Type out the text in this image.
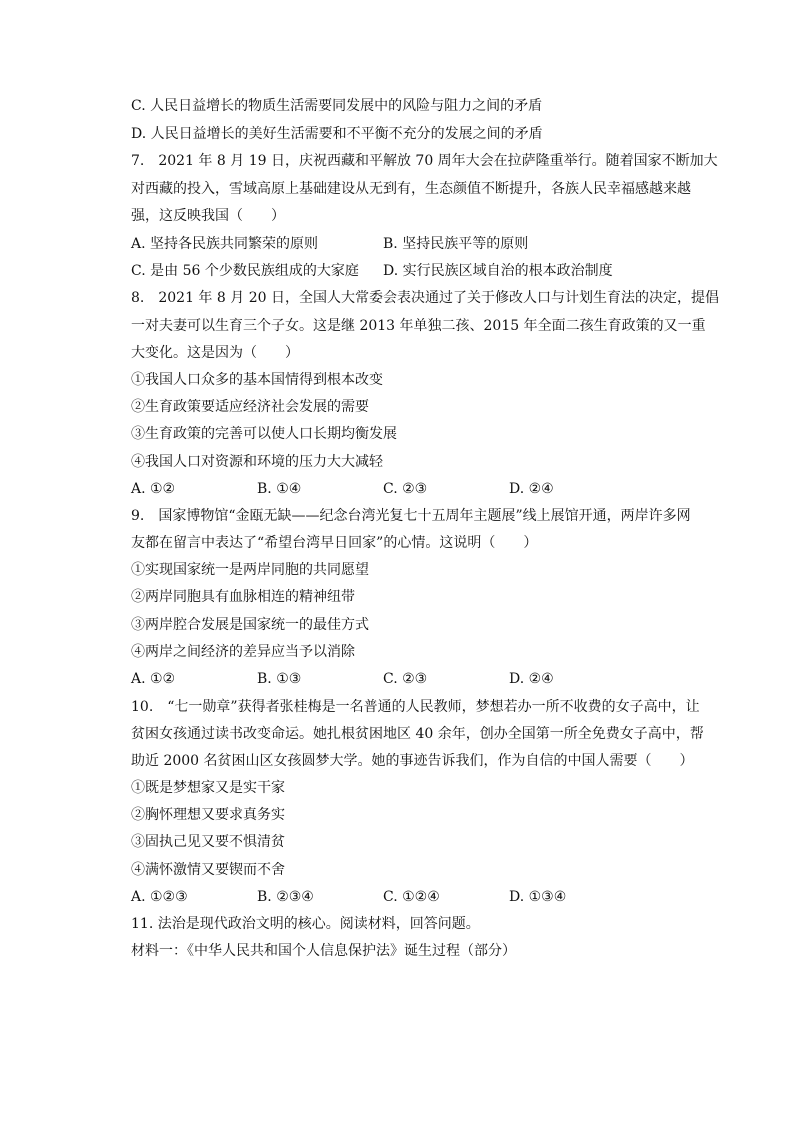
C. 人民日益增长的物质生活需要同发展中的风险与阻力之间的矛盾
D. 人民日益增长的美好生活需要和不平衡不充分的发展之间的矛盾
7.　2021 年 8 月 19 日，庆祝西藏和平解放 70 周年大会在拉萨隆重举行。随着国家不断加大
对西藏的投入，雪域高原上基础建设从无到有，生态颜值不断提升，各族人民幸福感越来越
强，这反映我国（　　）
A. 坚持各民族共同繁荣的原则	B. 坚持民族平等的原则
C. 是由 56 个少数民族组成的大家庭 D. 实行民族区域自治的根本政治制度
8.　2021 年 8 月 20 日，全国人大常委会表决通过了关于修改人口与计划生育法的决定，提倡
一对夫妻可以生育三个子女。这是继 2013 年单独二孩、2015 年全面二孩生育政策的又一重
大变化。这是因为（　　）
①我国人口众多的基本国情得到根本改变
②生育政策要适应经济社会发展的需要
③生育政策的完善可以使人口长期均衡发展
④我国人口对资源和环境的压力大大减轻
A. ①②	B. ①④	C. ②③	D. ②④
9.　国家博物馆“金瓯无缺——纪念台湾光复七十五周年主题展”线上展馆开通，两岸许多网
友都在留言中表达了“希望台湾早日回家”的心情。这说明（　　）
①实现国家统一是两岸同胞的共同愿望
②两岸同胞具有血脉相连的精神纽带
③两岸腔合发展是国家统一的最佳方式
④两岸之间经济的差异应当予以消除
A. ①②	B. ①③	C. ②③	D. ②④
10.　“七一勋章”获得者张桂梅是一名普通的人民教师，梦想若办一所不收费的女子高中，让
贫困女孩通过读书改变命运。她扎根贫困地区 40 余年，创办全国第一所全免费女子高中，帮
助近 2000 名贫困山区女孩圆梦大学。她的事迹告诉我们，作为自信的中国人需要（　　）
①既是梦想家又是实干家
②胸怀理想又要求真务实
③固执己见又要不惧清贫
④满怀激情又要锲而不舍
A. ①②③	B. ②③④	C. ①②④	D. ①③④
11. 法治是现代政治文明的核心。阅读材料，回答问题。
材料一：《中华人民共和国个人信息保护法》诞生过程（部分）
